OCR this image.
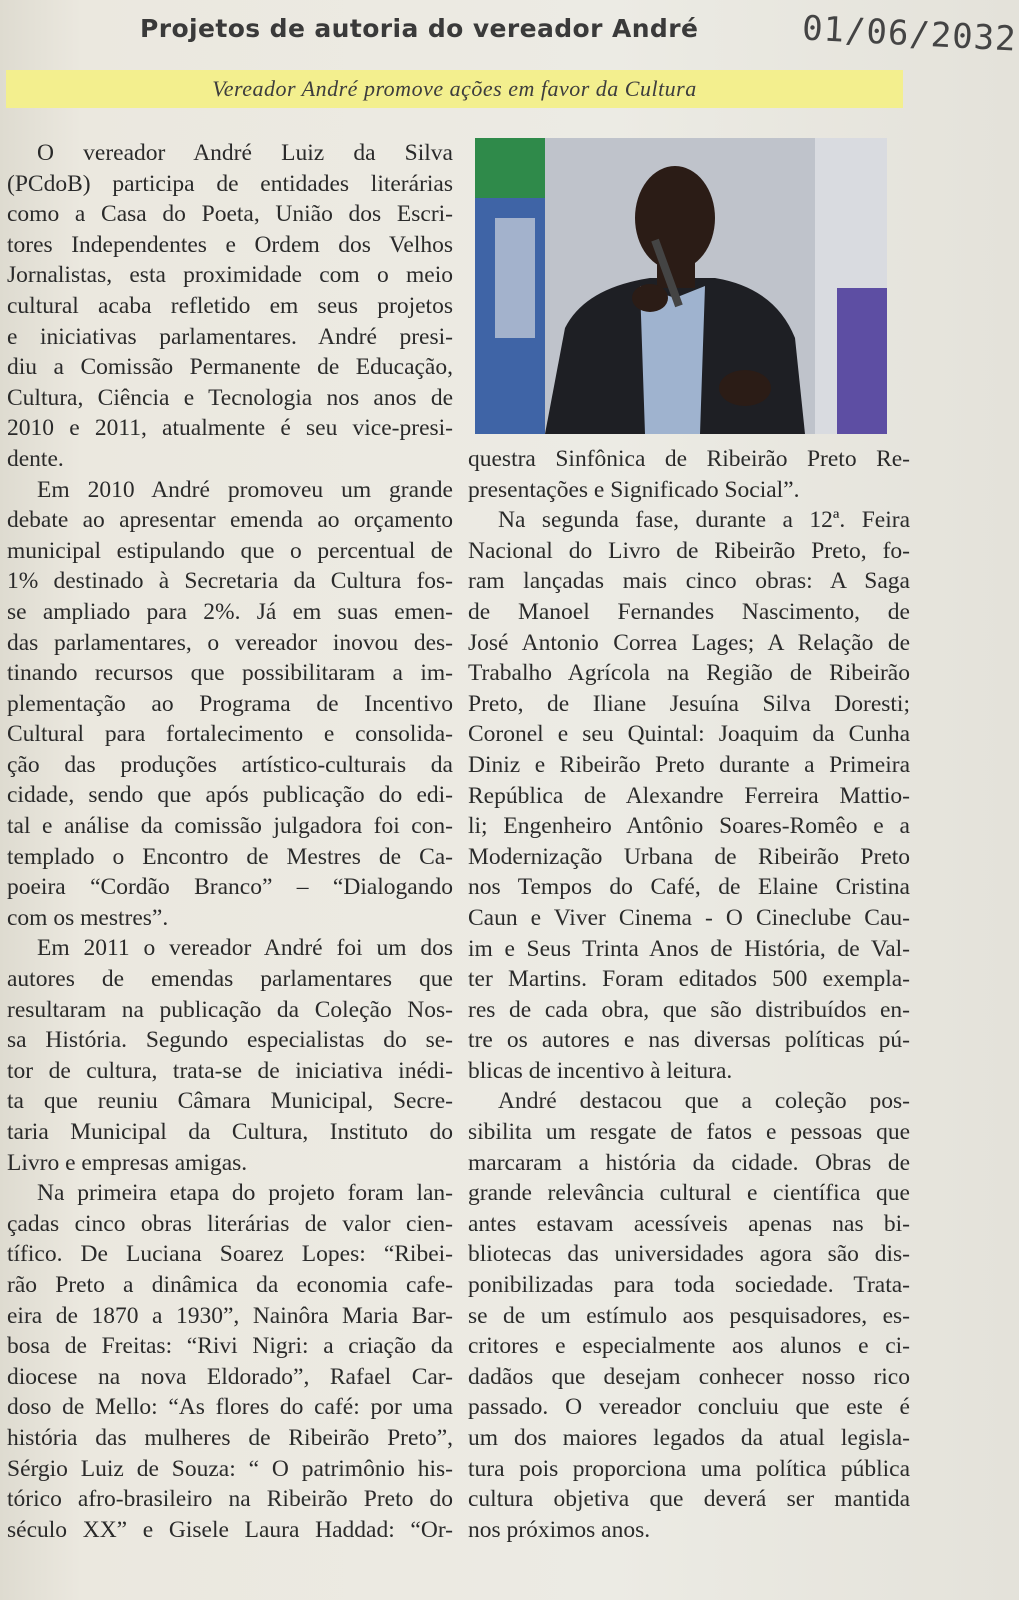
Projetos de autoria do vereador André	01/06/2032
Vereador André promove ações em favor da Cultura
O vereador André Luiz da Silva
(PCdoB) participa de entidades literárias
como a Casa do Poeta, União dos Escri-
tores Independentes e Ordem dos Velhos
Jornalistas, esta proximidade com o meio
cultural acaba refletido em seus projetos
e iniciativas parlamentares. André presi-
diu a Comissão Permanente de Educação,
Cultura, Ciência e Tecnologia nos anos de
2010 e 2011, atualmente é seu vice-presi-
dente.
Em 2010 André promoveu um grande
debate ao apresentar emenda ao orçamento
municipal estipulando que o percentual de
1% destinado à Secretaria da Cultura fos-
se ampliado para 2%. Já em suas emen-
das parlamentares, o vereador inovou des-
tinando recursos que possibilitaram a im-
plementação ao Programa de Incentivo
Cultural para fortalecimento e consolida-
ção das produções artístico-culturais da
cidade, sendo que após publicação do edi-
tal e análise da comissão julgadora foi con-
templado o Encontro de Mestres de Ca-
poeira “Cordão Branco” – “Dialogando
com os mestres”.
Em 2011 o vereador André foi um dos
autores de emendas parlamentares que
resultaram na publicação da Coleção Nos-
sa História. Segundo especialistas do se-
tor de cultura, trata-se de iniciativa inédi-
ta que reuniu Câmara Municipal, Secre-
taria Municipal da Cultura, Instituto do
Livro e empresas amigas.
Na primeira etapa do projeto foram lan-
çadas cinco obras literárias de valor cien-
tífico. De Luciana Soarez Lopes: “Ribei-
rão Preto a dinâmica da economia cafe-
eira de 1870 a 1930”, Nainôra Maria Bar-
bosa de Freitas: “Rivi Nigri: a criação da
diocese na nova Eldorado”, Rafael Car-
doso de Mello: “As flores do café: por uma
história das mulheres de Ribeirão Preto”,
Sérgio Luiz de Souza: “ O patrimônio his-
tórico afro-brasileiro na Ribeirão Preto do
século XX” e Gisele Laura Haddad: “Or-
questra Sinfônica de Ribeirão Preto Re-
presentações e Significado Social”.
Na segunda fase, durante a 12ª. Feira
Nacional do Livro de Ribeirão Preto, fo-
ram lançadas mais cinco obras: A Saga
de Manoel Fernandes Nascimento, de
José Antonio Correa Lages; A Relação de
Trabalho Agrícola na Região de Ribeirão
Preto, de Iliane Jesuína Silva Doresti;
Coronel e seu Quintal: Joaquim da Cunha
Diniz e Ribeirão Preto durante a Primeira
República de Alexandre Ferreira Mattio-
li; Engenheiro Antônio Soares-Romêo e a
Modernização Urbana de Ribeirão Preto
nos Tempos do Café, de Elaine Cristina
Caun e Viver Cinema - O Cineclube Cau-
im e Seus Trinta Anos de História, de Val-
ter Martins. Foram editados 500 exempla-
res de cada obra, que são distribuídos en-
tre os autores e nas diversas políticas pú-
blicas de incentivo à leitura.
André destacou que a coleção pos-
sibilita um resgate de fatos e pessoas que
marcaram a história da cidade. Obras de
grande relevância cultural e científica que
antes estavam acessíveis apenas nas bi-
bliotecas das universidades agora são dis-
ponibilizadas para toda sociedade. Trata-
se de um estímulo aos pesquisadores, es-
critores e especialmente aos alunos e ci-
dadãos que desejam conhecer nosso rico
passado. O vereador concluiu que este é
um dos maiores legados da atual legisla-
tura pois proporciona uma política pública
cultura objetiva que deverá ser mantida
nos próximos anos.
